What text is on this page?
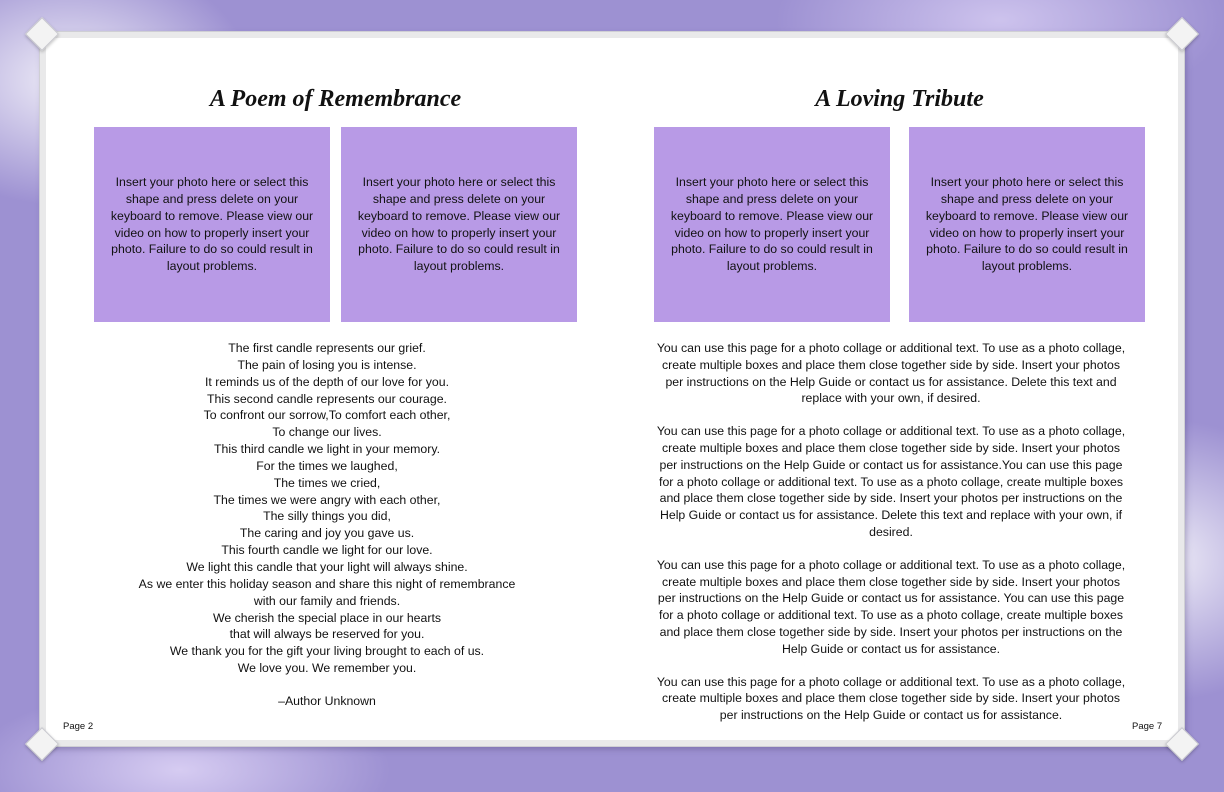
A Poem of Remembrance
Insert your photo here or select this shape and press delete on your keyboard to remove. Please view our video on how to properly insert your photo. Failure to do so could result in layout problems.
Insert your photo here or select this shape and press delete on your keyboard to remove. Please view our video on how to properly insert your photo. Failure to do so could result in layout problems.
The first candle represents our grief.
The pain of losing you is intense.
It reminds us of the depth of our love for you.
This second candle represents our courage.
To confront our sorrow,To comfort each other,
To change our lives.
This third candle we light in your memory.
For the times we laughed,
The times we cried,
The times we were angry with each other,
The silly things you did,
The caring and joy you gave us.
This fourth candle we light for our love.
We light this candle that your light will always shine.
As we enter this holiday season and share this night of remembrance
with our family and friends.
We cherish the special place in our hearts
that will always be reserved for you.
We thank you for the gift your living brought to each of us.
We love you. We remember you.
–Author Unknown
Page 2
A Loving Tribute
Insert your photo here or select this shape and press delete on your keyboard to remove. Please view our video on how to properly insert your photo. Failure to do so could result in layout problems.
Insert your photo here or select this shape and press delete on your keyboard to remove. Please view our video on how to properly insert your photo. Failure to do so could result in layout problems.

You can use this page for a photo collage or additional text. To use as a photo collage, create multiple boxes and place them close together side by side. Insert your photos per instructions on the Help Guide or contact us for assistance. Delete this text and replace with your own, if desired.

You can use this page for a photo collage or additional text. To use as a photo collage, create multiple boxes and place them close together side by side. Insert your photos per instructions on the Help Guide or contact us for assistance.You can use this page for a photo collage or additional text. To use as a photo collage, create multiple boxes and place them close together side by side. Insert your photos per instructions on the Help Guide or contact us for assistance. Delete this text and replace with your own, if desired.

You can use this page for a photo collage or additional text. To use as a photo collage, create multiple boxes and place them close together side by side. Insert your photos per instructions on the Help Guide or contact us for assistance. You can use this page for a photo collage or additional text. To use as a photo collage, create multiple boxes and place them close together side by side. Insert your photos per instructions on the Help Guide or contact us for assistance.

You can use this page for a photo collage or additional text. To use as a photo collage, create multiple boxes and place them close together side by side. Insert your photos per instructions on the Help Guide or contact us for assistance.

Page 7
